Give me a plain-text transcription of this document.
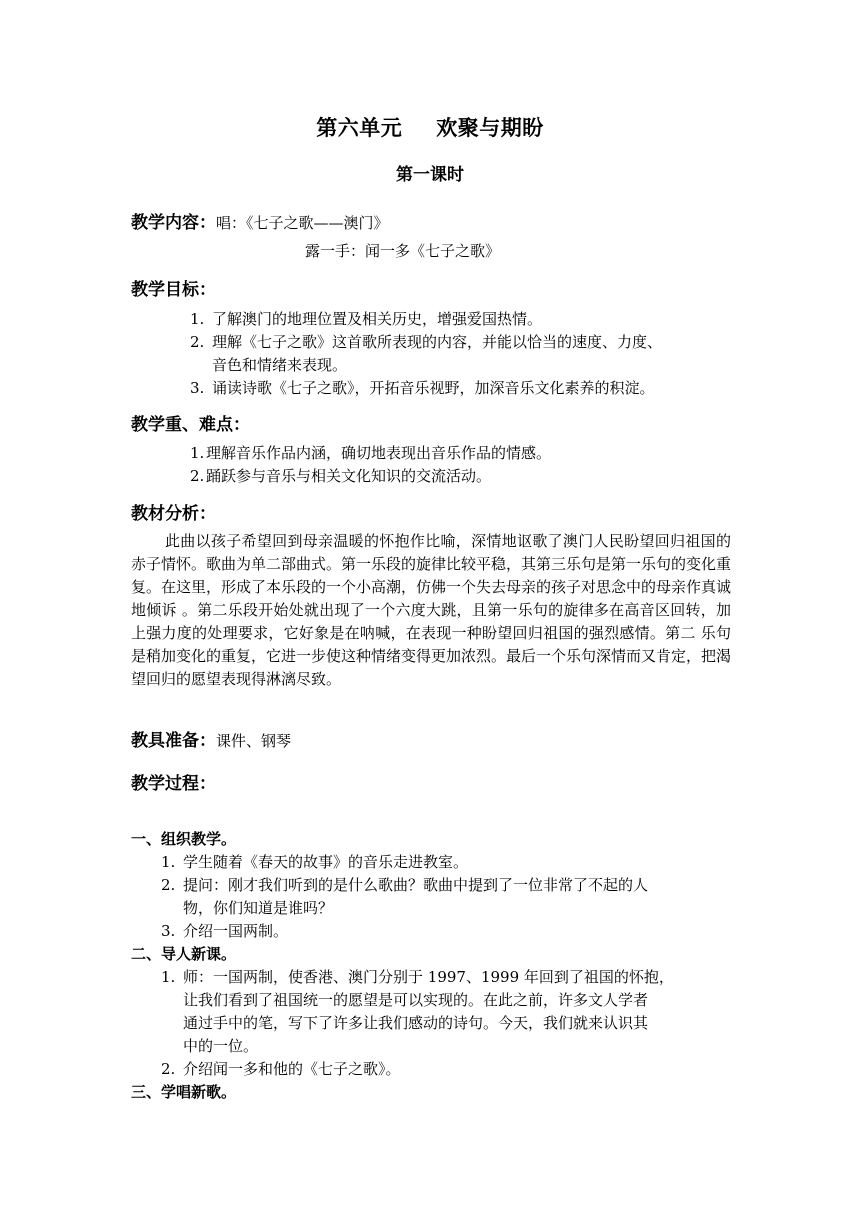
第六单元 欢聚与期盼
第一课时
教学内容：唱：《七子之歌——澳门》
露一手：闻一多《七子之歌》
教学目标：
1. 了解澳门的地理位置及相关历史，增强爱国热情。
2. 理解《七子之歌》这首歌所表现的内容，并能以恰当的速度、力度、
音色和情绪来表现。
3. 诵读诗歌《七子之歌》，开拓音乐视野，加深音乐文化素养的积淀。
教学重、难点：
1. 理解音乐作品内涵，确切地表现出音乐作品的情感。
2. 踊跃参与音乐与相关文化知识的交流活动。
教材分析：
此曲以孩子希望回到母亲温暖的怀抱作比喻，深情地讴歌了澳门人民盼望回归祖国的赤子情怀。歌曲为单二部曲式。第一乐段的旋律比较平稳，其第三乐句是第一乐句的变化重复。在这里，形成了本乐段的一个小高潮，仿佛一个失去母亲的孩子对思念中的母亲作真诚地倾诉 。第二乐段开始处就出现了一个六度大跳，且第一乐句的旋律多在高音区回转，加上强力度的处理要求，它好象是在呐喊，在表现一种盼望回归祖国的强烈感情。第二 乐句是稍加变化的重复，它进一步使这种情绪变得更加浓烈。最后一个乐句深情而又肯定，把渴望回归的愿望表现得淋漓尽致。
教具准备：课件、钢琴
教学过程：
一、组织教学。
1. 学生随着《春天的故事》的音乐走进教室。
2. 提问：刚才我们听到的是什么歌曲？歌曲中提到了一位非常了不起的人
物，你们知道是谁吗？
3. 介绍一国两制。
二、导人新课。
1. 师：一国两制，使香港、澳门分别于 1997、1999 年回到了祖国的怀抱，
让我们看到了祖国统一的愿望是可以实现的。在此之前，许多文人学者
通过手中的笔，写下了许多让我们感动的诗句。今天，我们就来认识其
中的一位。
2. 介绍闻一多和他的《七子之歌》。
三、学唱新歌。
